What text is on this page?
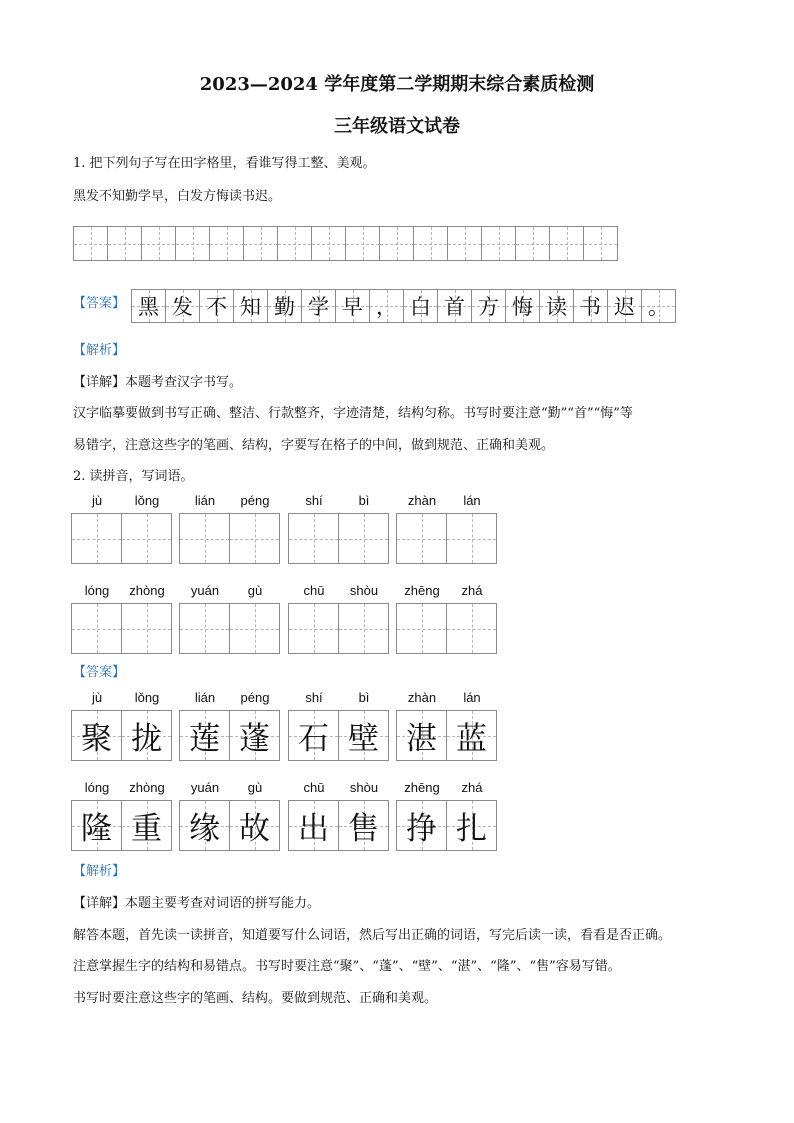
2023—2024 学年度第二学期期末综合素质检测
三年级语文试卷
1. 把下列句子写在田字格里，看谁写得工整、美观。
黑发不知勤学早，白发方悔读书迟。
【答案】 黑 发 不 知 勤 学 早 ， 白 首 方 悔 读 书 迟 。
【解析】
【详解】本题考查汉字书写。
汉字临摹要做到书写正确、整洁、行款整齐，字迹清楚，结构匀称。书写时要注意“勤”“首”“悔”等
易错字，注意这些字的笔画、结构，字要写在格子的中间，做到规范、正确和美观。
2. 读拼音，写词语。
jù	lǒng	lián	péng	shí	bì	zhàn	lán
lóng	zhòng	yuán	gù	chū	shòu	zhēng	zhá
【答案】
jù	lǒng
聚 拢
lián	péng
莲 蓬
shí	bì
石 壁
zhàn	lán
湛 蓝
lóng	zhòng
隆 重
yuán	gù
缘 故
chū	shòu
出 售
zhēng	zhá
挣 扎
【解析】
【详解】本题主要考查对词语的拼写能力。
解答本题，首先读一读拼音，知道要写什么词语，然后写出正确的词语，写完后读一读，看看是否正确。
注意掌握生字的结构和易错点。书写时要注意“聚”、“蓬”、“壁”、“湛”、“隆”、“售”容易写错。
书写时要注意这些字的笔画、结构。要做到规范、正确和美观。
